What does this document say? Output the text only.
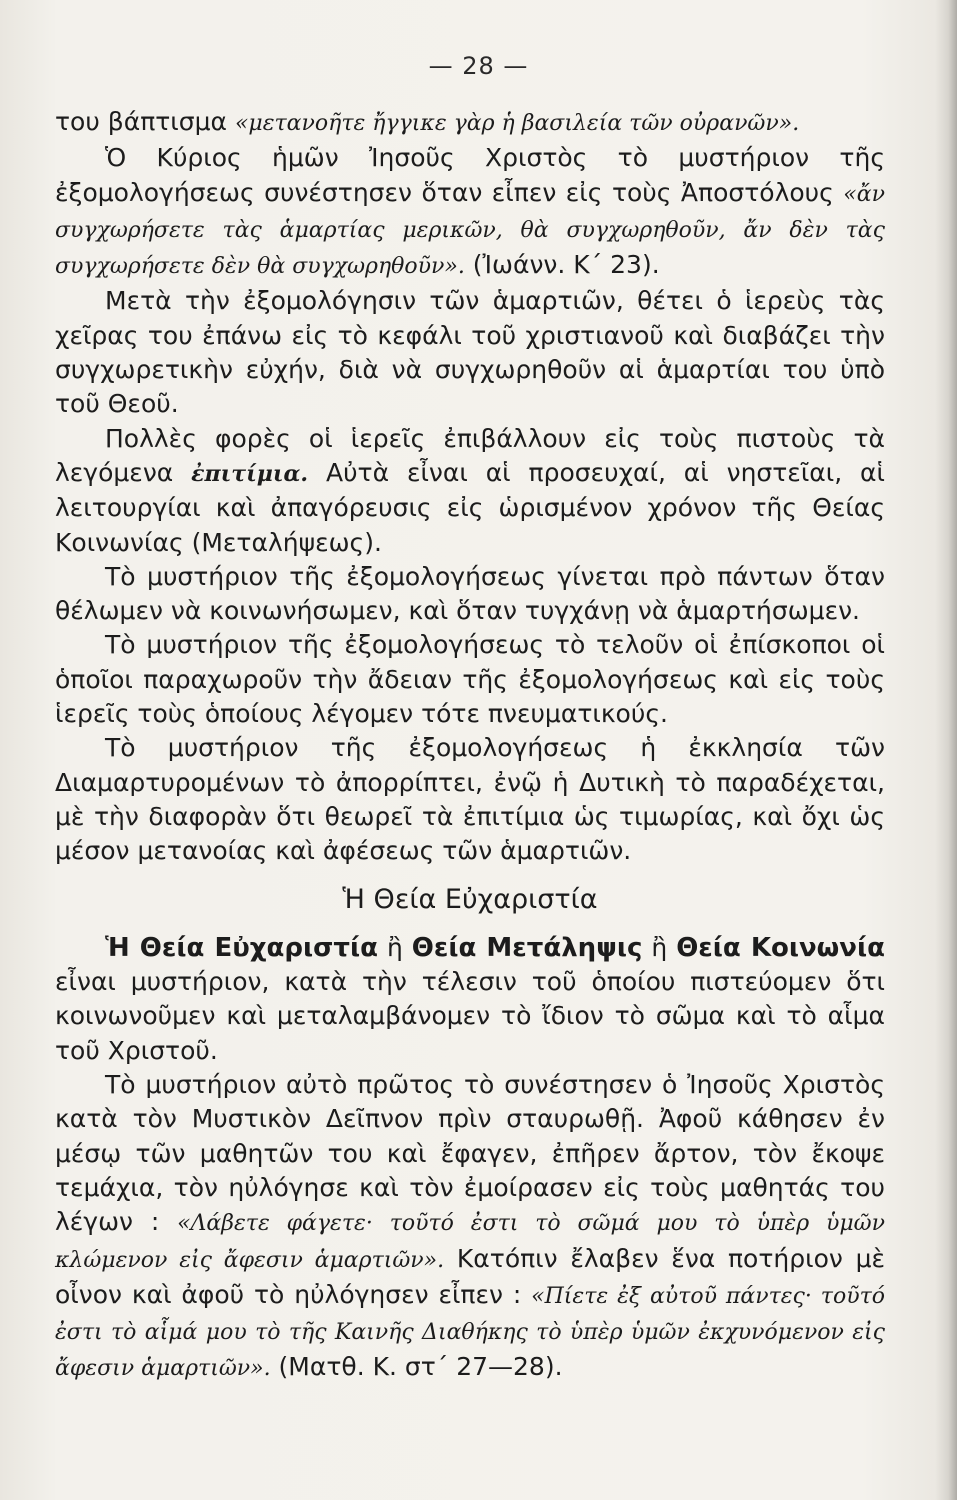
— 28 —

του βάπτισμα «μετανοῆτε ἤγγικε γὰρ ἡ βασιλεία τῶν οὐρανῶν».

Ὁ Κύριος ἡμῶν Ἰησοῦς Χριστὸς τὸ μυστήριον τῆς ἐξομολογήσεως συνέστησεν ὅταν εἶπεν εἰς τοὺς Ἀποστόλους «ἄν συγχωρήσετε τὰς ἁμαρτίας μερικῶν, θὰ συγχωρηθοῦν, ἄν δὲν τὰς συγχωρήσετε δὲν θὰ συγχωρηθοῦν». (Ἰωάνν. Κ΄ 23).

Μετὰ τὴν ἐξομολόγησιν τῶν ἁμαρτιῶν, θέτει ὁ ἱερεὺς τὰς χεῖρας του ἐπάνω εἰς τὸ κεφάλι τοῦ χριστιανοῦ καὶ διαβάζει τὴν συγχωρετικὴν εὐχήν, διὰ νὰ συγχωρηθοῦν αἱ ἁμαρτίαι του ὑπὸ τοῦ Θεοῦ.

Πολλὲς φορὲς οἱ ἱερεῖς ἐπιβάλλουν εἰς τοὺς πιστοὺς τὰ λεγόμενα ἐπιτίμια. Αὐτὰ εἶναι αἱ προσευχαί, αἱ νηστεῖαι, αἱ λειτουργίαι καὶ ἀπαγόρευσις εἰς ὡρισμένον χρόνον τῆς Θείας Κοινωνίας (Μεταλήψεως).

Τὸ μυστήριον τῆς ἐξομολογήσεως γίνεται πρὸ πάντων ὅταν θέλωμεν νὰ κοινωνήσωμεν, καὶ ὅταν τυγχάνῃ νὰ ἁμαρτήσωμεν.

Τὸ μυστήριον τῆς ἐξομολογήσεως τὸ τελοῦν οἱ ἐπίσκοποι οἱ ὁποῖοι παραχωροῦν τὴν ἄδειαν τῆς ἐξομολογήσεως καὶ εἰς τοὺς ἱερεῖς τοὺς ὁποίους λέγομεν τότε πνευματικούς.

Τὸ μυστήριον τῆς ἐξομολογήσεως ἡ ἐκκλησία τῶν Διαμαρτυρομένων τὸ ἀπορρίπτει, ἐνῷ ἡ Δυτικὴ τὸ παραδέχεται, μὲ τὴν διαφορὰν ὅτι θεωρεῖ τὰ ἐπιτίμια ὡς τιμωρίας, καὶ ὄχι ὡς μέσον μετανοίας καὶ ἀφέσεως τῶν ἁμαρτιῶν.

Ἡ Θεία Εὐχαριστία

Ἡ Θεία Εὐχαριστία ἢ Θεία Μετάληψις ἢ Θεία Κοινωνία εἶναι μυστήριον, κατὰ τὴν τέλεσιν τοῦ ὁποίου πιστεύομεν ὅτι κοινωνοῦμεν καὶ μεταλαμβάνομεν τὸ ἴδιον τὸ σῶμα καὶ τὸ αἷμα τοῦ Χριστοῦ.

Τὸ μυστήριον αὐτὸ πρῶτος τὸ συνέστησεν ὁ Ἰησοῦς Χριστὸς κατὰ τὸν Μυστικὸν Δεῖπνον πρὶν σταυρωθῇ. Ἀφοῦ κάθησεν ἐν μέσῳ τῶν μαθητῶν του καὶ ἔφαγεν, ἐπῆρεν ἄρτον, τὸν ἔκοψε τεμάχια, τὸν ηὐλόγησε καὶ τὸν ἐμοίρασεν εἰς τοὺς μαθητάς του λέγων : «Λάβετε φάγετε· τοῦτό ἐστι τὸ σῶμά μου τὸ ὑπὲρ ὑμῶν κλώμενον εἰς ἄφεσιν ἁμαρτιῶν». Κατόπιν ἔλαβεν ἕνα ποτήριον μὲ οἶνον καὶ ἀφοῦ τὸ ηὐλόγησεν εἶπεν : «Πίετε ἐξ αὐτοῦ πάντες· τοῦτό ἐστι τὸ αἷμά μου τὸ τῆς Καινῆς Διαθήκης τὸ ὑπὲρ ὑμῶν ἐκχυνόμενον εἰς ἄφεσιν ἁμαρτιῶν». (Ματθ. Κ. στ΄ 27—28).
